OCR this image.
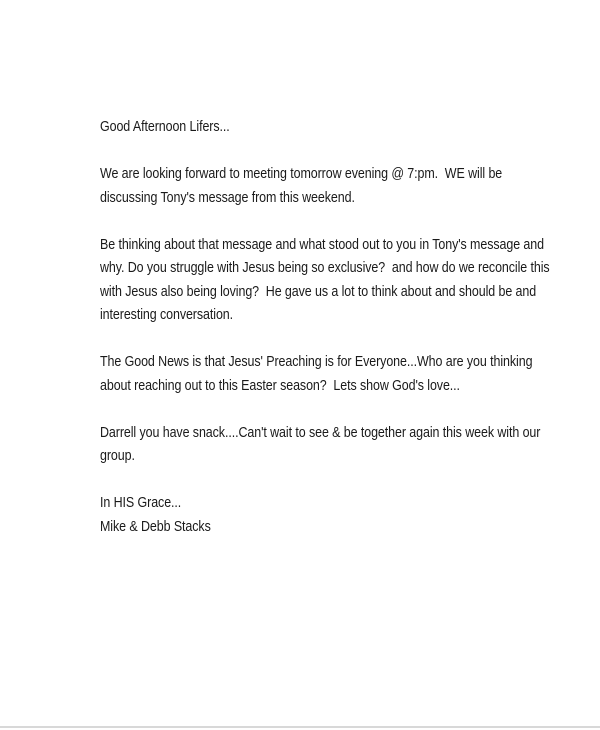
Good Afternoon Lifers...
We are looking forward to meeting tomorrow evening @ 7:pm.  WE will be
discussing Tony's message from this weekend.
Be thinking about that message and what stood out to you in Tony's message and
why. Do you struggle with Jesus being so exclusive?  and how do we reconcile this
with Jesus also being loving?  He gave us a lot to think about and should be and
interesting conversation.
The Good News is that Jesus' Preaching is for Everyone...Who are you thinking
about reaching out to this Easter season?  Lets show God's love...
Darrell you have snack....Can't wait to see & be together again this week with our
group.
In HIS Grace...
Mike & Debb Stacks
